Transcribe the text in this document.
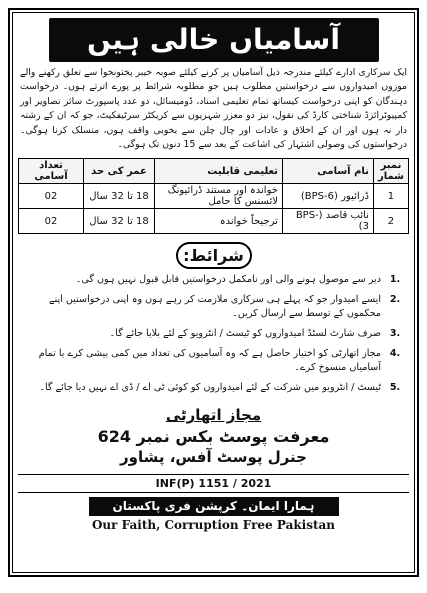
آسامیاں خالی ہیں

ایک سرکاری ادارے کیلئے مندرجہ ذیل آسامیاں پر کرنے کیلئے صوبہ خیبر پختونخوا سے تعلق رکھنے والے موزوں امیدواروں سے درخواستیں مطلوب ہیں جو مطلوبہ شرائط پر پورے اترتے ہوں۔ درخواست دہندگان کو اپنی درخواست کیساتھ تمام تعلیمی اسناد، ڈومیسائل، دو عدد پاسپورٹ سائز تصاویر اور کمپیوٹرائزڈ شناختی کارڈ کی نقول، نیز دو معزز شہریوں سے کریکٹر سرٹیفکیٹ، جو کہ ان کے رشتہ دار نہ ہوں اور ان کے اخلاق و عادات اور چال چلن سے بخوبی واقف ہوں، منسلک کرنا ہوگی۔ درخواستوں کی وصولی اشتہار کی اشاعت کے بعد سے 15 دنوں تک ہوگی۔

نمبر شمار	نام آسامی	تعلیمی قابلیت	عمر کی حد	تعداد آسامی
1	ڈرائیور (BPS-6)	خواندہ اور مستند ڈرائیونگ لائسنس کا حامل	18 تا 32 سال	02
2	نائب قاصد (BPS-3)	ترجیحاً خواندہ	18 تا 32 سال	02
شرائط:
1.
دیر سے موصول ہونے والی اور نامکمل درخواستیں قابل قبول نہیں ہوں گی۔
2.
ایسے امیدوار جو کہ پہلے ہی سرکاری ملازمت کر رہے ہوں وہ اپنی درخواستیں اپنے محکموں کے توسط سے ارسال کریں۔
3.
صرف شارٹ لسٹڈ امیدواروں کو ٹیسٹ / انٹرویو کے لئے بلایا جائے گا۔
4.
مجاز اتھارٹی کو اختیار حاصل ہے کہ وہ آسامیوں کی تعداد میں کمی بیشی کرے یا تمام آسامیاں منسوخ کرے۔
5.
ٹیسٹ / انٹرویو میں شرکت کے لئے امیدواروں کو کوئی ٹی اے / ڈی اے نہیں دیا جائے گا۔
مجاز اتھارٹی
معرفت پوسٹ بکس نمبر 624
جنرل پوسٹ آفس، پشاور
INF(P) 1151 / 2021
ہمارا ایمان۔ کرپشن فری پاکستان
Our Faith, Corruption Free Pakistan
